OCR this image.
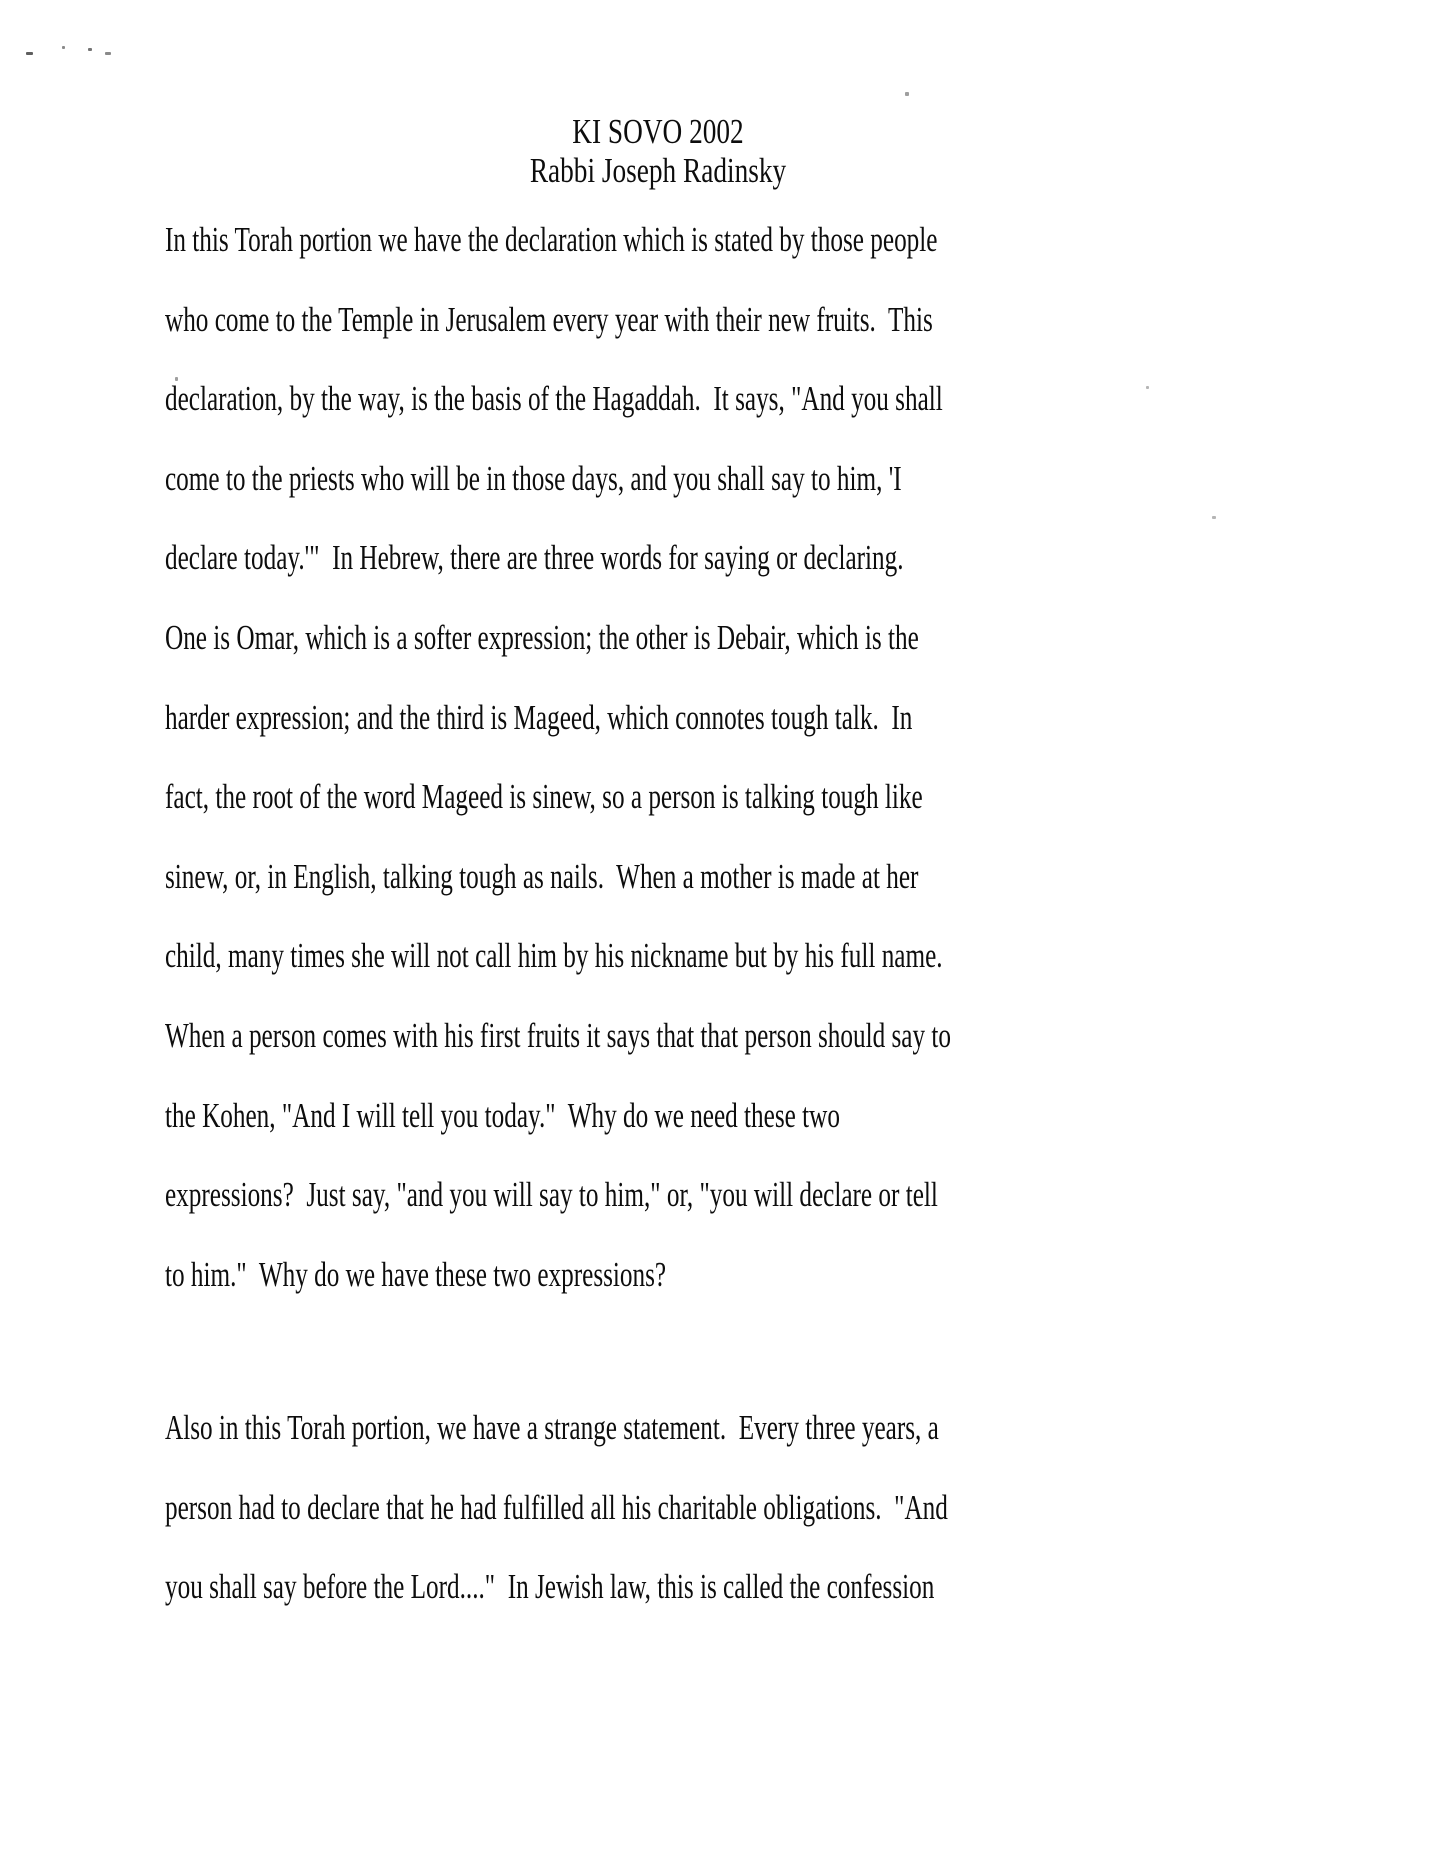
KI SOVO 2002
Rabbi Joseph Radinsky
In this Torah portion we have the declaration which is stated by those people
who come to the Temple in Jerusalem every year with their new fruits.  This
declaration, by the way, is the basis of the Hagaddah.  It says, "And you shall
come to the priests who will be in those days, and you shall say to him, 'I
declare today.'"  In Hebrew, there are three words for saying or declaring.
One is Omar, which is a softer expression; the other is Debair, which is the
harder expression; and the third is Mageed, which connotes tough talk.  In
fact, the root of the word Mageed is sinew, so a person is talking tough like
sinew, or, in English, talking tough as nails.  When a mother is made at her
child, many times she will not call him by his nickname but by his full name.
When a person comes with his first fruits it says that that person should say to
the Kohen, "And I will tell you today."  Why do we need these two
expressions?  Just say, "and you will say to him," or, "you will declare or tell
to him."  Why do we have these two expressions?
Also in this Torah portion, we have a strange statement.  Every three years, a
person had to declare that he had fulfilled all his charitable obligations.  "And
you shall say before the Lord...."  In Jewish law, this is called the confession
